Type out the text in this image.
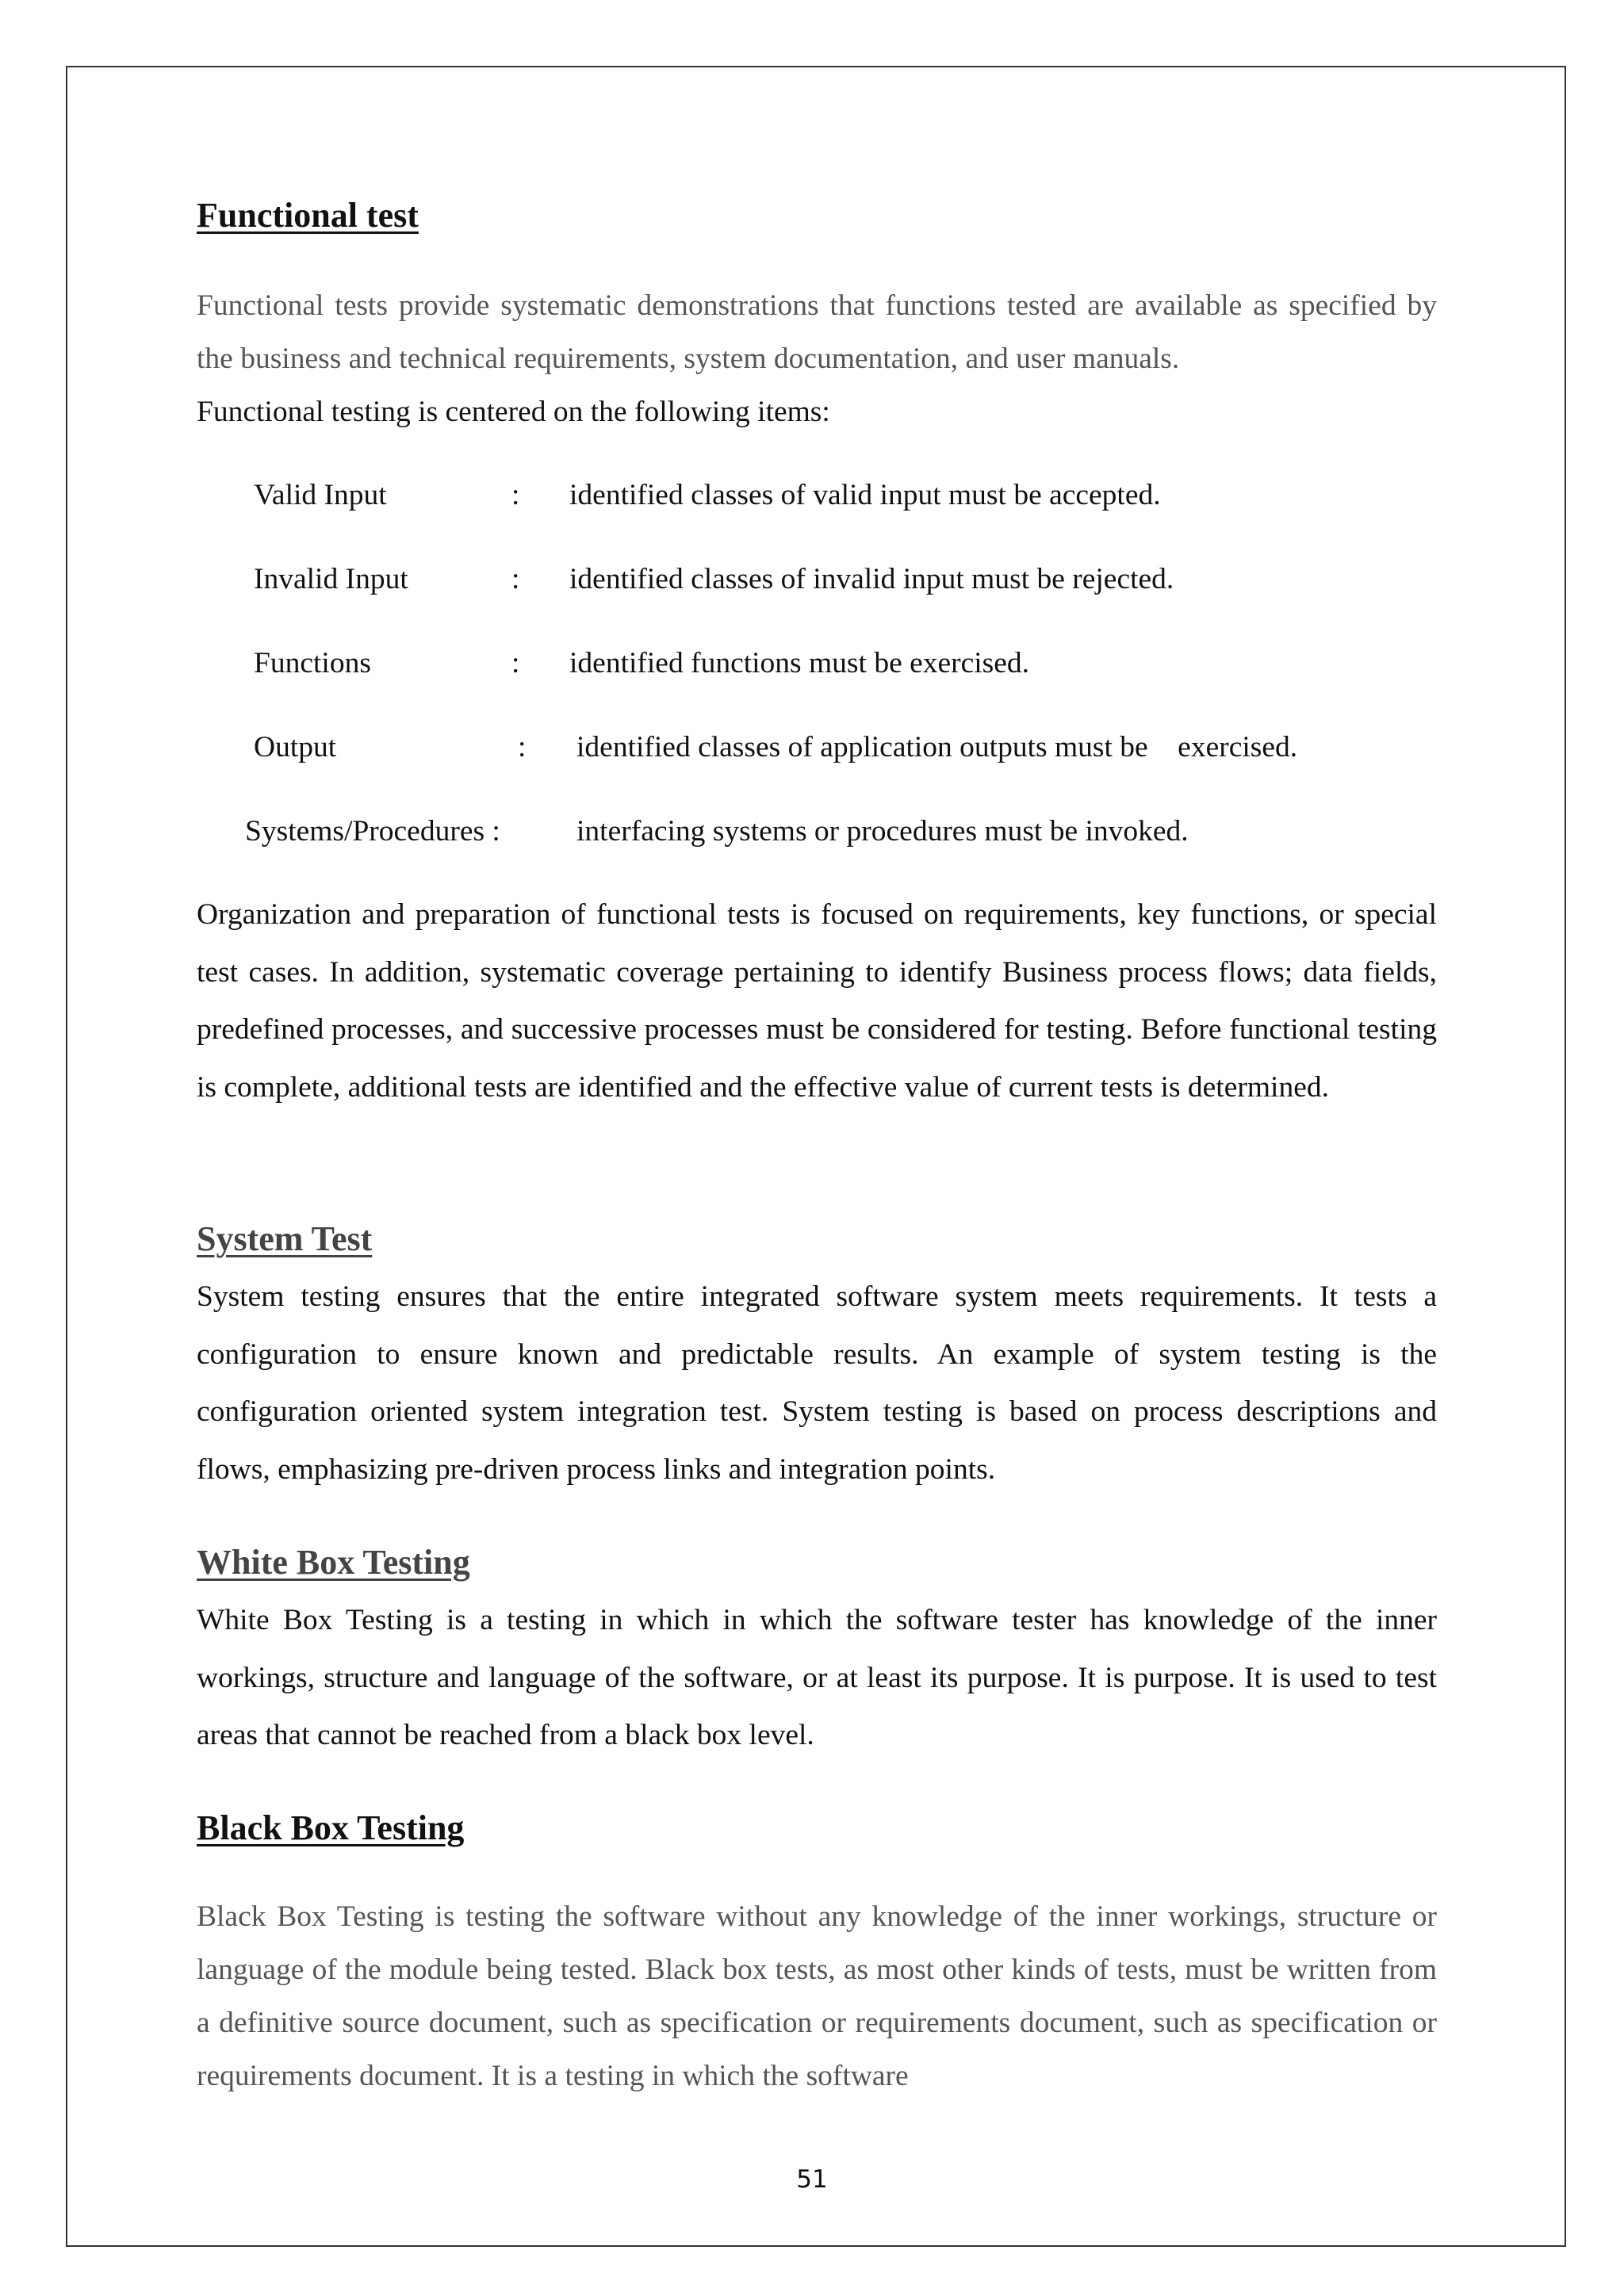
Functional test

Functional tests provide systematic demonstrations that functions tested are available as specified by the business and technical requirements, system documentation, and user manuals.

Functional testing is centered on the following items:

Valid Input	: identified classes of valid input must be accepted.
Invalid Input	: identified classes of invalid input must be rejected.
Functions	: identified functions must be exercised.
Output	: identified classes of application outputs must be    exercised.
Systems/Procedures :	interfacing systems or procedures must be invoked.

Organization and preparation of functional tests is focused on requirements, key functions, or special test cases. In addition, systematic coverage pertaining to identify Business process flows; data fields, predefined processes, and successive processes must be considered for testing. Before functional testing is complete, additional tests are identified and the effective value of current tests is determined.

System Test

System testing ensures that the entire integrated software system meets requirements. It tests a configuration to ensure known and predictable results. An example of system testing is the configuration oriented system integration test. System testing is based on process descriptions and flows, emphasizing pre-driven process links and integration points.

White Box Testing

White Box Testing is a testing in which in which the software tester has knowledge of the inner workings, structure and language of the software, or at least its purpose. It is purpose. It is used to test areas that cannot be reached from a black box level.

Black Box Testing

Black Box Testing is testing the software without any knowledge of the inner workings, structure or language of the module being tested. Black box tests, as most other kinds of tests, must be written from a definitive source document, such as specification or requirements document, such as specification or requirements document. It is a testing in which the software

51
